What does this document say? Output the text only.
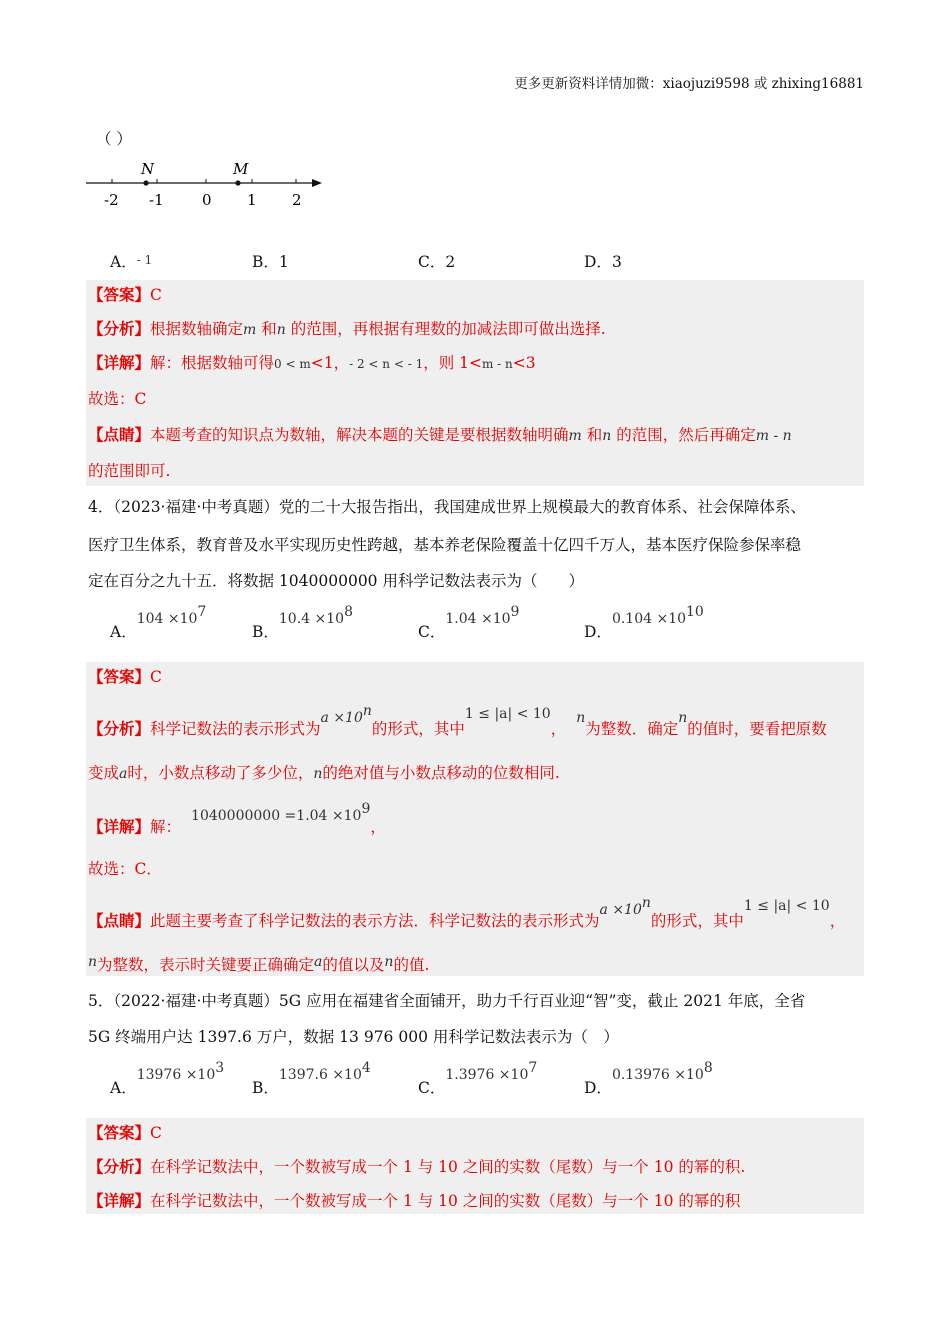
更多更新资料详情加微：xiaojuzi9598 或 zhixing16881
（ ）
N	M
-2 -1	0 1 2
A．- 1	B．1	C．2	D．3
【答案】C
【分析】根据数轴确定m 和n 的范围，再根据有理数的加减法即可做出选择.
【详解】解：根据数轴可得0 < m<1，- 2 < n < - 1，则 1<m - n<3
故选：C
【点睛】本题考查的知识点为数轴，解决本题的关键是要根据数轴明确m 和n 的范围，然后再确定m - n
的范围即可.
4．（2023·福建·中考真题）党的二十大报告指出，我国建成世界上规模最大的教育体系、社会保障体系、
医疗卫生体系，教育普及水平实现历史性跨越，基本养老保险覆盖十亿四千万人，基本医疗保险参保率稳
定在百分之九十五．将数据 1040000000 用科学记数法表示为（　　）
A．$104 \times 10^7$
B．$10.4 \times 10^8$
C．$1.04 \times 10^9$
D．$0.104 \times 10^{10}$
【答案】C
【分析】科学记数法的表示形式为$a \times 10^n$的形式，其中1 ≤ |a| < 10，n为整数．确定n的值时，要看把原数
变成a时，小数点移动了多少位，n的绝对值与小数点移动的位数相同.
【详解】解：$1040000000 =1.04 \times 10^9$，
故选：C．
【点睛】此题主要考查了科学记数法的表示方法．科学记数法的表示形式为$a \times 10^n$的形式，其中1 ≤ |a| < 10，
n为整数，表示时关键要正确确定a的值以及n的值.
5．（2022·福建·中考真题）5G 应用在福建省全面铺开，助力千行百业迎“智”变，截止 2021 年底，全省
5G 终端用户达 1397.6 万户，数据 13 976 000 用科学记数法表示为（　）
A．$13976 \times 10^3$
B．$1397.6 \times 10^4$
C．$1.3976 \times 10^7$
D．$0.13976 \times 10^8$
【答案】C
【分析】在科学记数法中，一个数被写成一个 1 与 10 之间的实数（尾数）与一个 10 的幂的积.
【详解】在科学记数法中，一个数被写成一个 1 与 10 之间的实数（尾数）与一个 10 的幂的积
